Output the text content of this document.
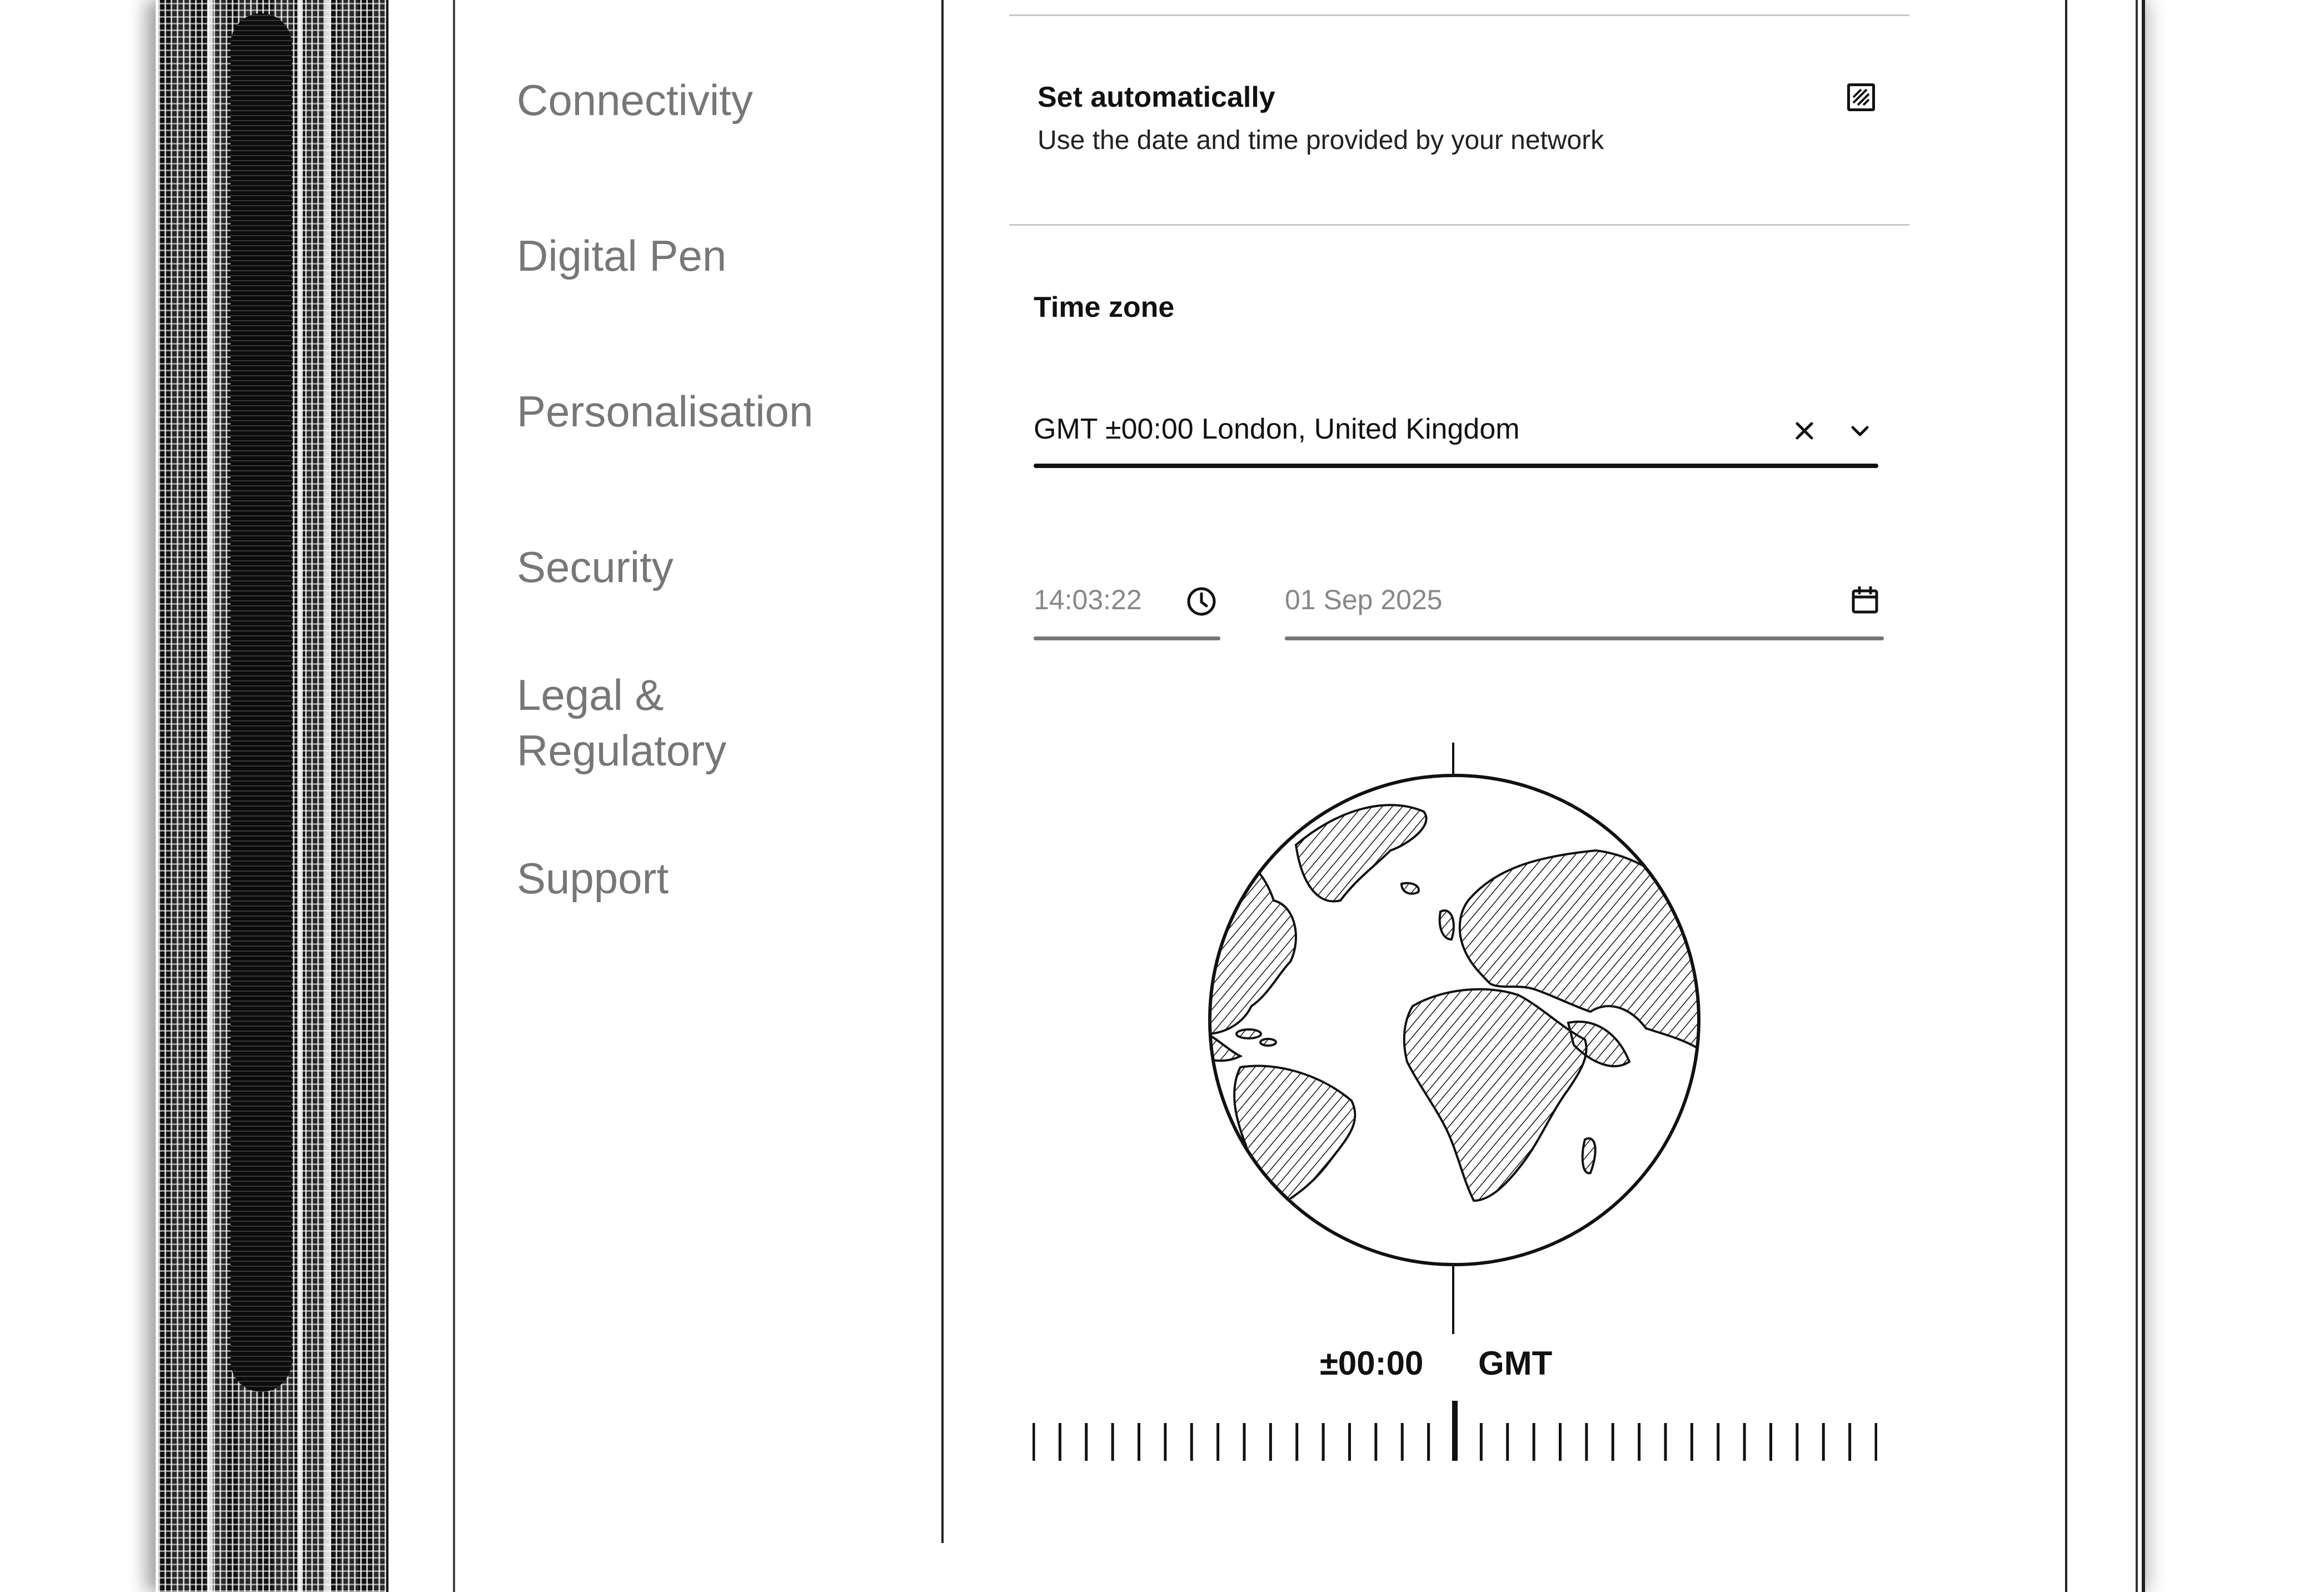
Connectivity
Digital Pen
Personalisation
Security
Legal &
Regulatory
Support
Set automatically
Use the date and time provided by your network
Time zone
GMT ±00:00 London, United Kingdom
14:03:22	01 Sep 2025
±00:00 GMT
